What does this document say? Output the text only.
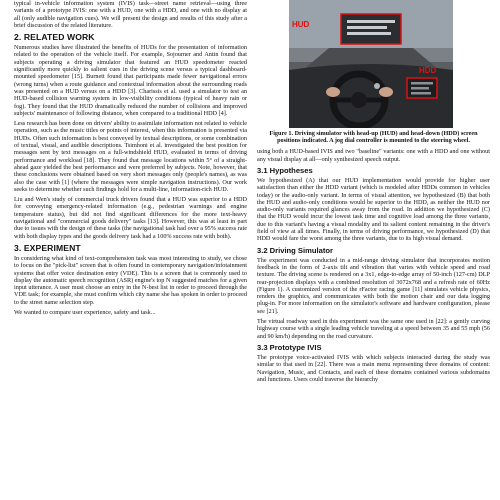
typical in-vehicle information system (IVIS) task—street name retrieval—using three variants of a prototype IVIS: one with a HUD, one with a HDD, and one with no display at all (only audible navigation cues). We will present the design and results of this study after a brief discussion of the related literature.

2. RELATED WORK

Numerous studies have illustrated the benefits of HUDs for the presentation of information related to the operation of the vehicle itself. For example, Sojourner and Antin found that subjects operating a driving simulator that featured an HUD speedometer reacted significantly more quickly to salient cues in the driving scene versus a typical dashboard-mounted speedometer [15]. Burnett found that participants made fewer navigational errors (wrong turns) when a route guidance and contextual information about the surrounding roads was presented on a HUD versus on a HDD [3]. Charissis et al. used a simulator to test an HUD-based collision warning system in low-visibility conditions (typical of heavy rain or fog). They found that the HUD dramatically reduced the number of collisions and improved subjects' maintenance of following distance, when compared to a traditional HDD [4].

Less research has been done on drivers' ability to assimilate information not related to vehicle operation, such as the music titles or points of interest, when this information is presented via HUDs. Often such information is best conveyed by textual descriptions, or some combination of textual, visual, and audible descriptions. Tsimhoni et al. investigated the best position for messages sent by text messages on a full-windshield HUD, evaluated in terms of driving performance and workload [18]. They found that message locations within 5° of a straight-ahead gaze yielded the best performance and were preferred by subjects. Note, however, that these conclusions were obtained based on very short messages only (people's names), as was also the case with [1] (where the messages were simple navigation instructions). Our work seeks to determine whether such findings hold for a multi-line, information-rich HUD.

Liu and Wen's study of commercial truck drivers found that a HUD was superior to a HDD for conveying emergency-related information (e.g., pedestrian warnings and engine temperature status), but did not find significant differences for the more text-heavy navigational and "commercial goods delivery" tasks [13]. However, this was at least in part due to issues with the design of these tasks (the navigational task had over a 95% success rate with both display types and the goods delivery task had a 100% success rate with both).

3. EXPERIMENT

In considering what kind of text-comprehension task was most interesting to study, we chose to focus on the "pick-list" screen that is often found in contemporary navigation/infotainment systems that offer voice destination entry (VDE). This is a screen that is commonly used to display the automatic speech recognition (ASR) engine's top N suggested matches for a given input utterance. A user must choose an entry in the N-best list in order to proceed through the VDE task; for example, she must confirm which city name she has spoken in order to proceed to the street name selection step.

We wanted to compare user experience, safety and task...

HUD
HDD

Figure 1. Driving simulator with head-up (HUD) and head-down (HDD) screen positions indicated. A jog dial controller is mounted to the steering wheel.

using both a HUD-based IVIS and two "baseline" variants: one with a HDD and one without any visual display at all—only synthesized speech output.

3.1 Hypotheses

We hypothesized (A) that our HUD implementation would provide for higher user satisfaction than either the HDD variant (which is modeled after HDDs common in vehicles today) or the audio-only variant. In terms of visual attention, we hypothesized (B) that both the HUD and audio-only conditions would be superior to the HDD, as neither the HUD nor audio-only variants required glances away from the road. In addition we hypothesized (C) that the HUD would incur the lowest task time and cognitive load among the three variants, due to this variant's having a visual modality and its salient content remaining in the driver's field of view at all times. Finally, in terms of driving performance, we hypothesized (D) that HDD would fare the worst among the three variants, due to its high visual demand.

3.2 Driving Simulator

The experiment was conducted in a mid-range driving simulator that incorporates motion feedback in the form of 2-axis tilt and vibration that varies with vehicle speed and road texture. The driving scene is rendered on a 3x1, edge-to-edge array of 50-inch (127-cm) DLP rear-projection displays with a combined resolution of 3072x768 and a refresh rate of 60Hz (Figure 1). A customized version of the rFactor racing game [11] simulates vehicle physics, renders the graphics, and communicates with both the motion chair and our data logging plug-in. For more information on the simulator's software and hardware configuration, please see [21].

The virtual roadway used in this experiment was the same one used in [22]: a gently curving highway course with a single leading vehicle traveling at a speed between 35 and 55 mph (56 and 90 km/h) depending on the road curvature.

3.3 Prototype IVIS

The prototype voice-activated IVIS with which subjects interacted during the study was similar to that used in [22]. There was a main menu representing three domains of content: Navigation, Music, and Contacts, and each of these domains contained various subdomains and functions. Users could traverse the hierarchy
